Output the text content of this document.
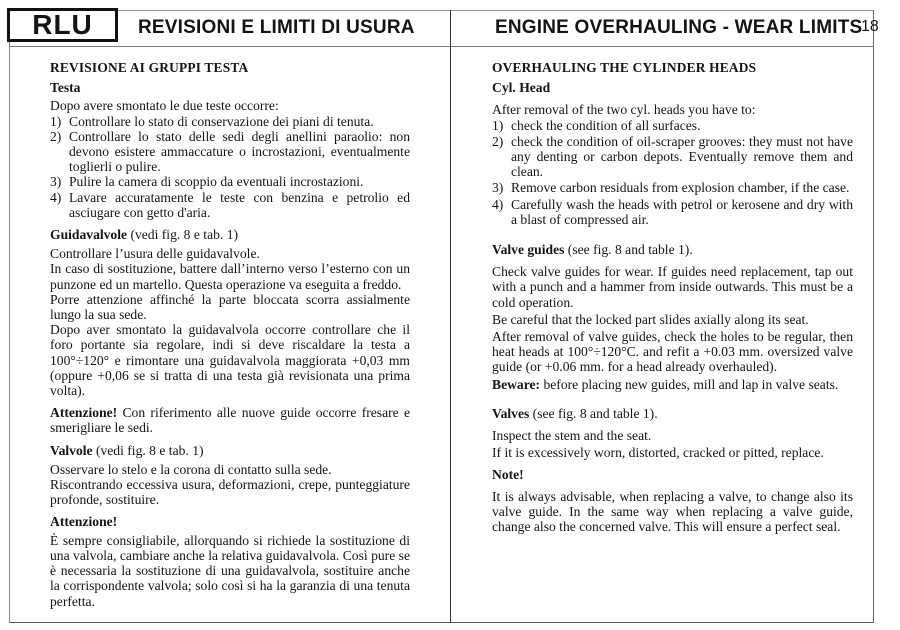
RLU	REVISIONI E LIMITI DI USURA	ENGINE OVERHAULING - WEAR LIMITS
18
REVISIONE AI GRUPPI TESTA
Testa

Dopo avere smontato le due teste occorre:

1) Controllare lo stato di conservazione dei piani di tenuta.
2) Controllare lo stato delle sedi degli anellini paraolio: non devono esistere ammaccature o incrostazioni, eventualmente toglierli o pulire.
3) Pulire la camera di scoppio da eventuali incrostazioni.
4) Lavare accuratamente le teste con benzina e petrolio ed asciugare con getto d'aria.
Guidavalvole (vedi fig. 8 e tab. 1)

Controllare l’usura delle guidavalvole.

In caso di sostituzione, battere dall’interno verso l’esterno con un punzone ed un martello. Questa operazione va eseguita a freddo.

Porre attenzione affinché la parte bloccata scorra assialmente lungo la sua sede.

Dopo aver smontato la guidavalvola occorre controllare che il foro portante sia regolare, indi si deve riscaldare la testa a 100°÷120° e rimontare una guidavalvola maggiorata +0,03 mm (oppure +0,06 se si tratta di una testa già revisionata una prima volta).

Attenzione! Con riferimento alle nuove guide occorre fresare e smerigliare le sedi.

Valvole (vedi fig. 8 e tab. 1)

Osservare lo stelo e la corona di contatto sulla sede.

Riscontrando eccessiva usura, deformazioni, crepe, punteggiature profonde, sostituire.

Attenzione!

È sempre consigliabile, allorquando si richiede la sostituzione di una valvola, cambiare anche la relativa guidavalvola. Così pure se è necessaria la sostituzione di una guidavalvola, sostituire anche la corrispondente valvola; solo così si ha la garanzia di una tenuta perfetta.

OVERHAULING THE CYLINDER HEADS
Cyl. Head

After removal of the two cyl. heads you have to:

1) check the condition of all surfaces.
2) check the condition of oil-scraper grooves: they must not have any denting or carbon depots. Eventually remove them and clean.
3) Remove carbon residuals from explosion chamber, if the case.
4) Carefully wash the heads with petrol or kerosene and dry with a blast of compressed air.
Valve guides (see fig. 8 and table 1).

Check valve guides for wear. If guides need replacement, tap out with a punch and a hammer from inside outwards. This must be a cold operation.

Be careful that the locked part slides axially along its seat.

After removal of valve guides, check the holes to be regular, then heat heads at 100°÷120°C. and refit a +0.03 mm. oversized valve guide (or +0.06 mm. for a head already overhauled).

Beware: before placing new guides, mill and lap in valve seats.

Valves (see fig. 8 and table 1).

Inspect the stem and the seat.

If it is excessively worn, distorted, cracked or pitted, replace.

Note!

It is always advisable, when replacing a valve, to change also its valve guide. In the same way when replacing a valve guide, change also the concerned valve. This will ensure a perfect seal.
